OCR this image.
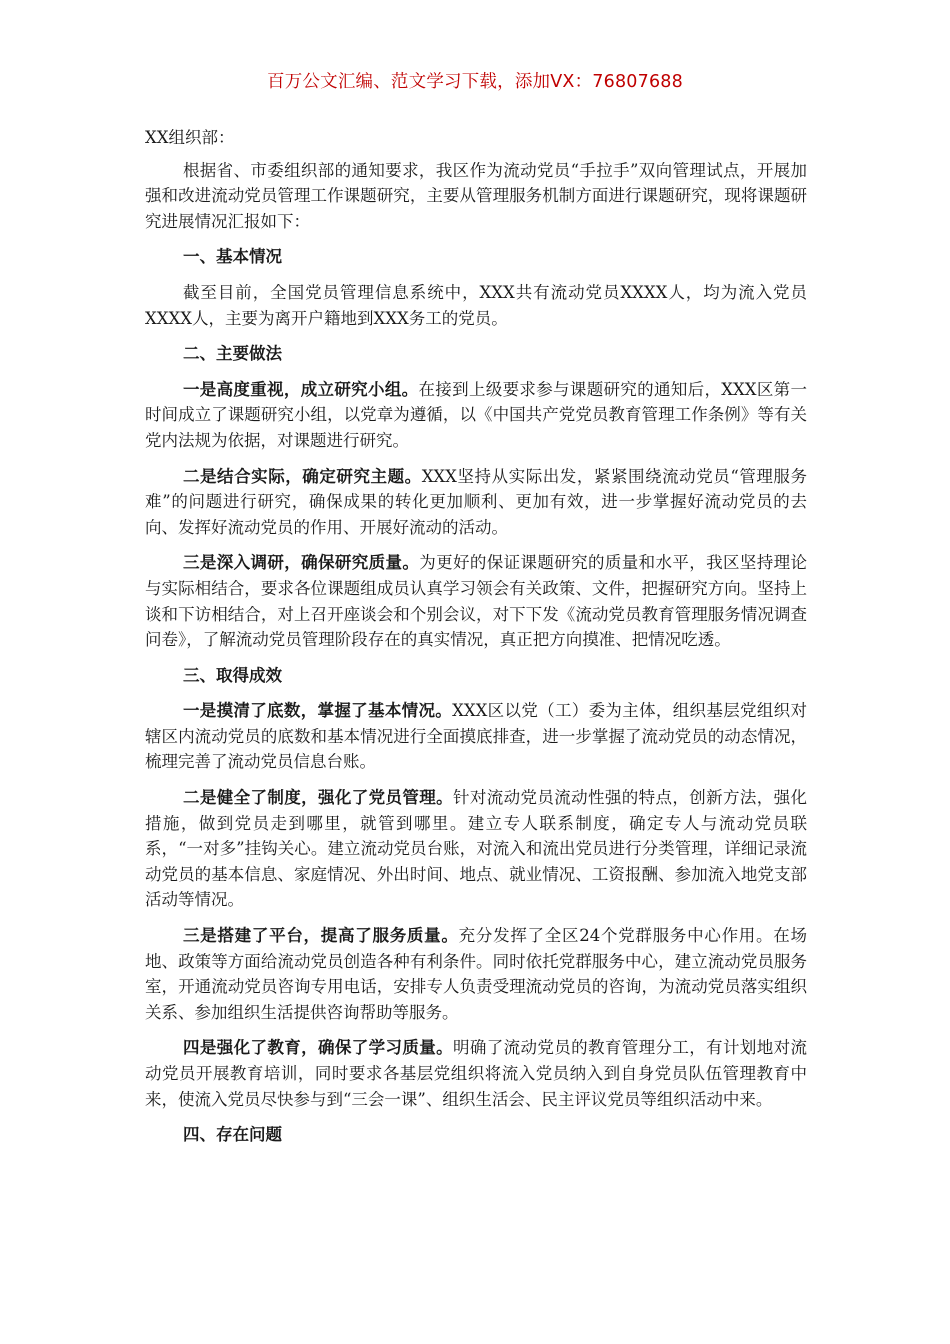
百万公文汇编、范文学习下载，添加VX：76807688

XX组织部：

根据省、市委组织部的通知要求，我区作为流动党员“手拉手”双向管理试点，开展加强和改进流动党员管理工作课题研究，主要从管理服务机制方面进行课题研究，现将课题研究进展情况汇报如下：

一、基本情况

截至目前，全国党员管理信息系统中，XXX共有流动党员XXXX人，均为流入党员XXXX人，主要为离开户籍地到XXX务工的党员。

二、主要做法

一是高度重视，成立研究小组。在接到上级要求参与课题研究的通知后，XXX区第一时间成立了课题研究小组，以党章为遵循，以《中国共产党党员教育管理工作条例》等有关党内法规为依据，对课题进行研究。

二是结合实际，确定研究主题。XXX坚持从实际出发，紧紧围绕流动党员“管理服务难”的问题进行研究，确保成果的转化更加顺利、更加有效，进一步掌握好流动党员的去向、发挥好流动党员的作用、开展好流动的活动。

三是深入调研，确保研究质量。为更好的保证课题研究的质量和水平，我区坚持理论与实际相结合，要求各位课题组成员认真学习领会有关政策、文件，把握研究方向。坚持上谈和下访相结合，对上召开座谈会和个别会议，对下下发《流动党员教育管理服务情况调查问卷》，了解流动党员管理阶段存在的真实情况，真正把方向摸准、把情况吃透。

三、取得成效

一是摸清了底数，掌握了基本情况。XXX区以党（工）委为主体，组织基层党组织对辖区内流动党员的底数和基本情况进行全面摸底排查，进一步掌握了流动党员的动态情况，梳理完善了流动党员信息台账。

二是健全了制度，强化了党员管理。针对流动党员流动性强的特点，创新方法，强化措施，做到党员走到哪里，就管到哪里。建立专人联系制度，确定专人与流动党员联系，“一对多”挂钩关心。建立流动党员台账，对流入和流出党员进行分类管理，详细记录流动党员的基本信息、家庭情况、外出时间、地点、就业情况、工资报酬、参加流入地党支部活动等情况。

三是搭建了平台，提高了服务质量。充分发挥了全区24个党群服务中心作用。在场地、政策等方面给流动党员创造各种有利条件。同时依托党群服务中心，建立流动党员服务室，开通流动党员咨询专用电话，安排专人负责受理流动党员的咨询，为流动党员落实组织关系、参加组织生活提供咨询帮助等服务。

四是强化了教育，确保了学习质量。明确了流动党员的教育管理分工，有计划地对流动党员开展教育培训，同时要求各基层党组织将流入党员纳入到自身党员队伍管理教育中来，使流入党员尽快参与到“三会一课”、组织生活会、民主评议党员等组织活动中来。

四、存在问题
